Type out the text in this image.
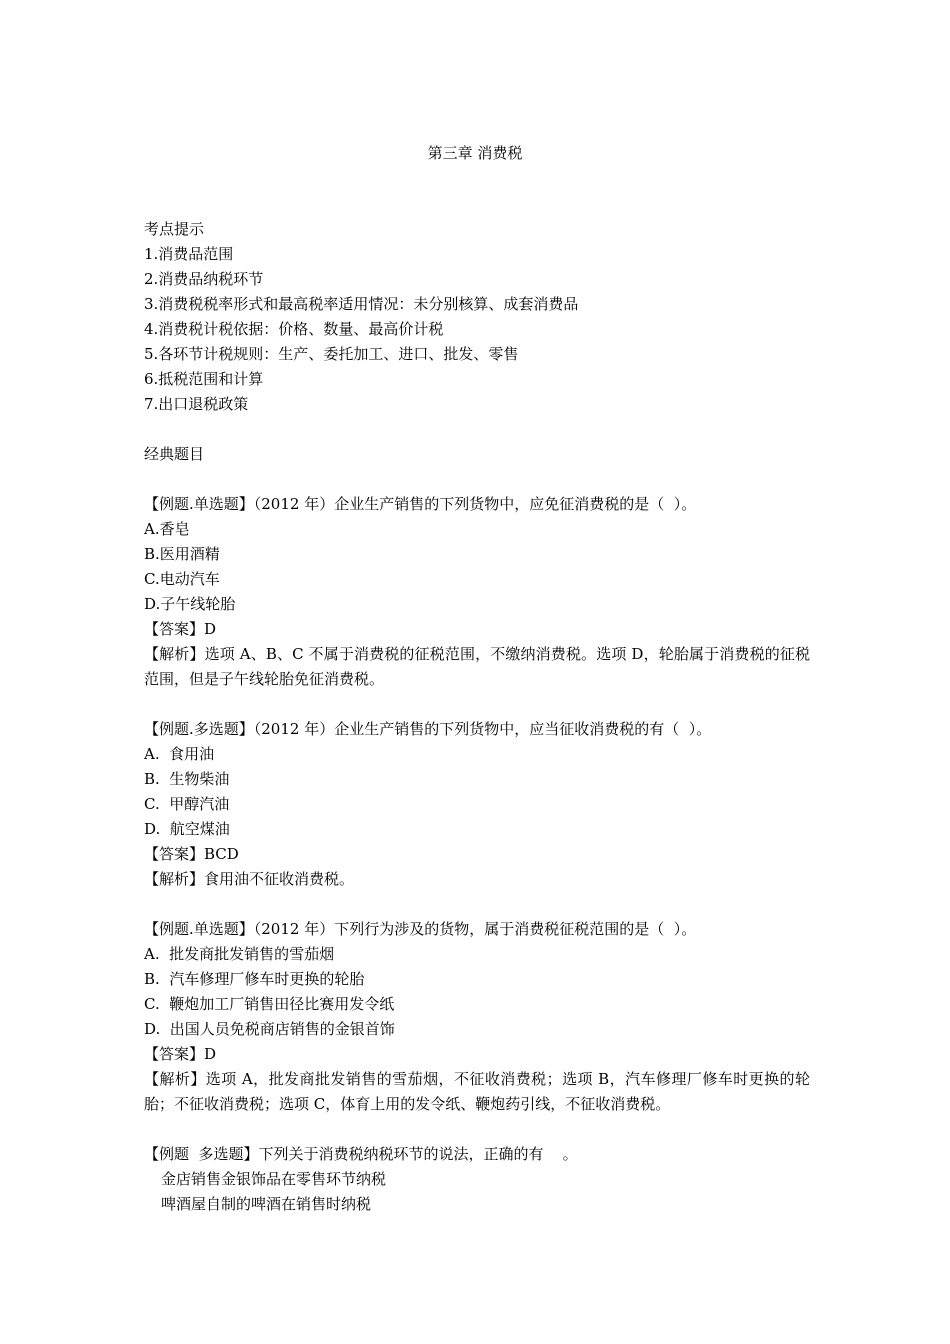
第三章 消费税
考点提示
1.消费品范围
2.消费品纳税环节
3.消费税税率形式和最高税率适用情况：未分别核算、成套消费品
4.消费税计税依据：价格、数量、最高价计税
5.各环节计税规则：生产、委托加工、进口、批发、零售
6.抵税范围和计算
7.出口退税政策
经典题目
【例题.单选题】（2012 年）企业生产销售的下列货物中，应免征消费税的是（  ）。
A.香皂
B.医用酒精
C.电动汽车
D.子午线轮胎
【答案】D
【解析】选项 A、B、C 不属于消费税的征税范围，不缴纳消费税。选项 D，轮胎属于消费税的征税范围，但是子午线轮胎免征消费税。
【例题.多选题】（2012 年）企业生产销售的下列货物中，应当征收消费税的有（  ）。
A.  食用油
B.  生物柴油
C.  甲醇汽油
D.  航空煤油
【答案】BCD
【解析】食用油不征收消费税。
【例题.单选题】（2012 年）下列行为涉及的货物，属于消费税征税范围的是（  ）。
A.  批发商批发销售的雪茄烟
B.  汽车修理厂修车时更换的轮胎
C.  鞭炮加工厂销售田径比赛用发令纸
D.  出国人员免税商店销售的金银首饰
【答案】D
【解析】选项 A，批发商批发销售的雪茄烟，不征收消费税；选项 B，汽车修理厂修车时更换的轮胎；不征收消费税；选项 C，体育上用的发令纸、鞭炮药引线，不征收消费税。
【例题  多选题】下列关于消费税纳税环节的说法，正确的有    。
金店销售金银饰品在零售环节纳税
啤酒屋自制的啤酒在销售时纳税
